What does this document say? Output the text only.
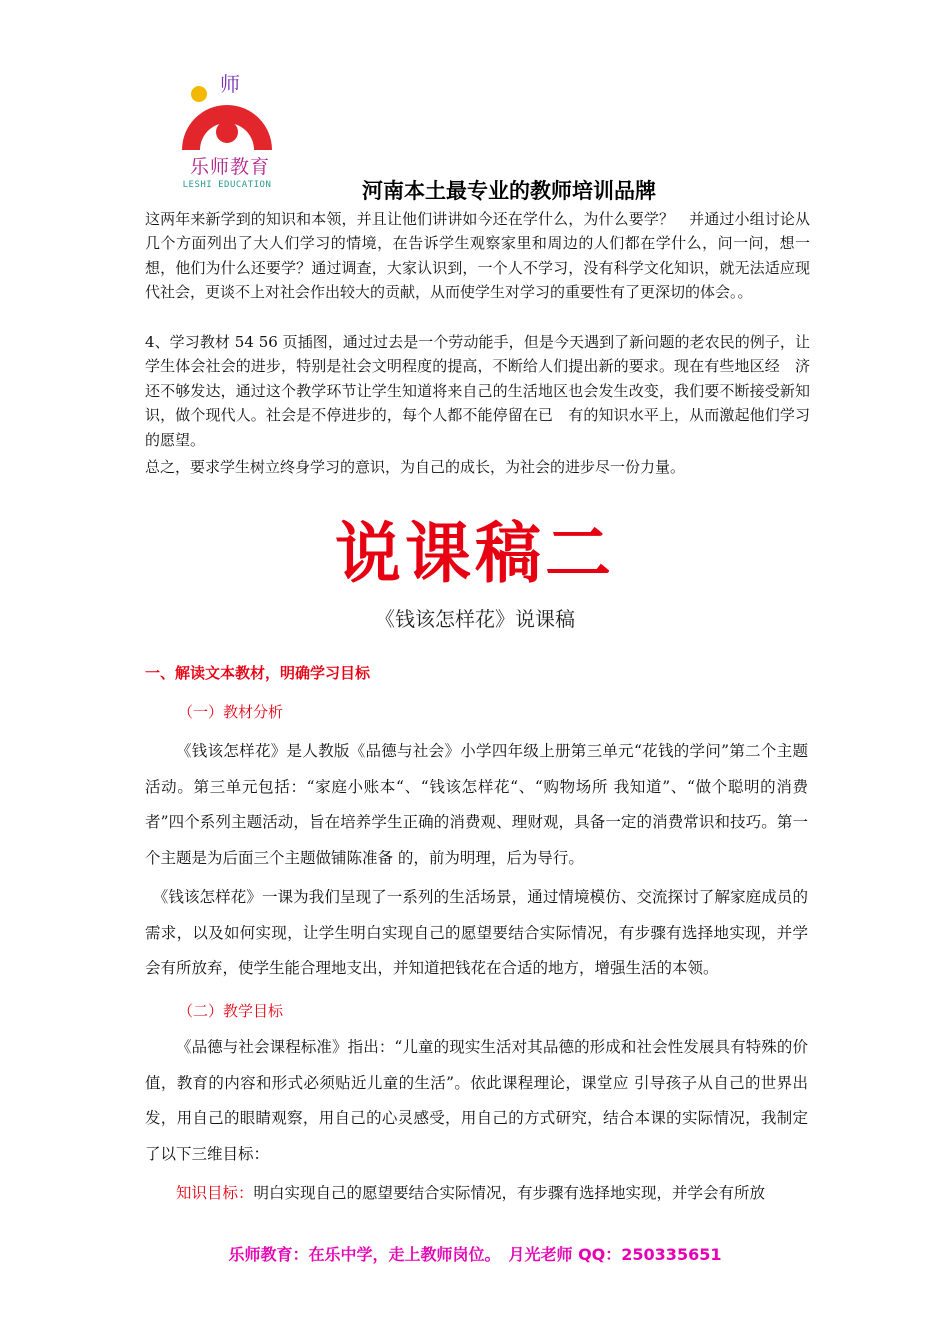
师
乐师教育
LESHI EDUCATION	河南本土最专业的教师培训品牌

这两年来新学到的知识和本领，并且让他们讲讲如今还在学什么，为什么要学？　并通过小组讨论从几个方面列出了大人们学习的情境，在告诉学生观察家里和周边的人们都在学什么，问一问，想一想，他们为什么还要学？通过调查，大家认识到，一个人不学习，没有科学文化知识，就无法适应现代社会，更谈不上对社会作出较大的贡献，从而使学生对学习的重要性有了更深切的体会。。

4、学习教材 54 56 页插图，通过过去是一个劳动能手，但是今天遇到了新问题的老农民的例子，让学生体会社会的进步，特别是社会文明程度的提高，不断给人们提出新的要求。现在有些地区经　济还不够发达，通过这个教学环节让学生知道将来自己的生活地区也会发生改变，我们要不断接受新知识，做个现代人。社会是不停进步的，每个人都不能停留在已　有的知识水平上，从而激起他们学习的愿望。

总之，要求学生树立终身学习的意识，为自己的成长，为社会的进步尽一份力量。

说课稿二
《钱该怎样花》说课稿
一、解读文本教材，明确学习目标
（一）教材分析

《钱该怎样花》是人教版《品德与社会》小学四年级上册第三单元“花钱的学问”第二个主题活动。第三单元包括：“家庭小账本“、“钱该怎样花“、“购物场所 我知道”、“做个聪明的消费者”四个系列主题活动，旨在培养学生正确的消费观、理财观，具备一定的消费常识和技巧。第一个主题是为后面三个主题做铺陈准备 的，前为明理，后为导行。

《钱该怎样花》一课为我们呈现了一系列的生活场景，通过情境模仿、交流探讨了解家庭成员的需求，以及如何实现，让学生明白实现自己的愿望要结合实际情况，有步骤有选择地实现，并学会有所放弃，使学生能合理地支出，并知道把钱花在合适的地方，增强生活的本领。

（二）教学目标

《品德与社会课程标准》指出：“儿童的现实生活对其品德的形成和社会性发展具有特殊的价值，教育的内容和形式必须贴近儿童的生活”。依此课程理论，课堂应 引导孩子从自己的世界出发，用自己的眼睛观察，用自己的心灵感受，用自己的方式研究，结合本课的实际情况，我制定了以下三维目标：

知识目标：明白实现自己的愿望要结合实际情况，有步骤有选择地实现，并学会有所放

乐师教育：在乐中学，走上教师岗位。　月光老师 QQ：250335651
